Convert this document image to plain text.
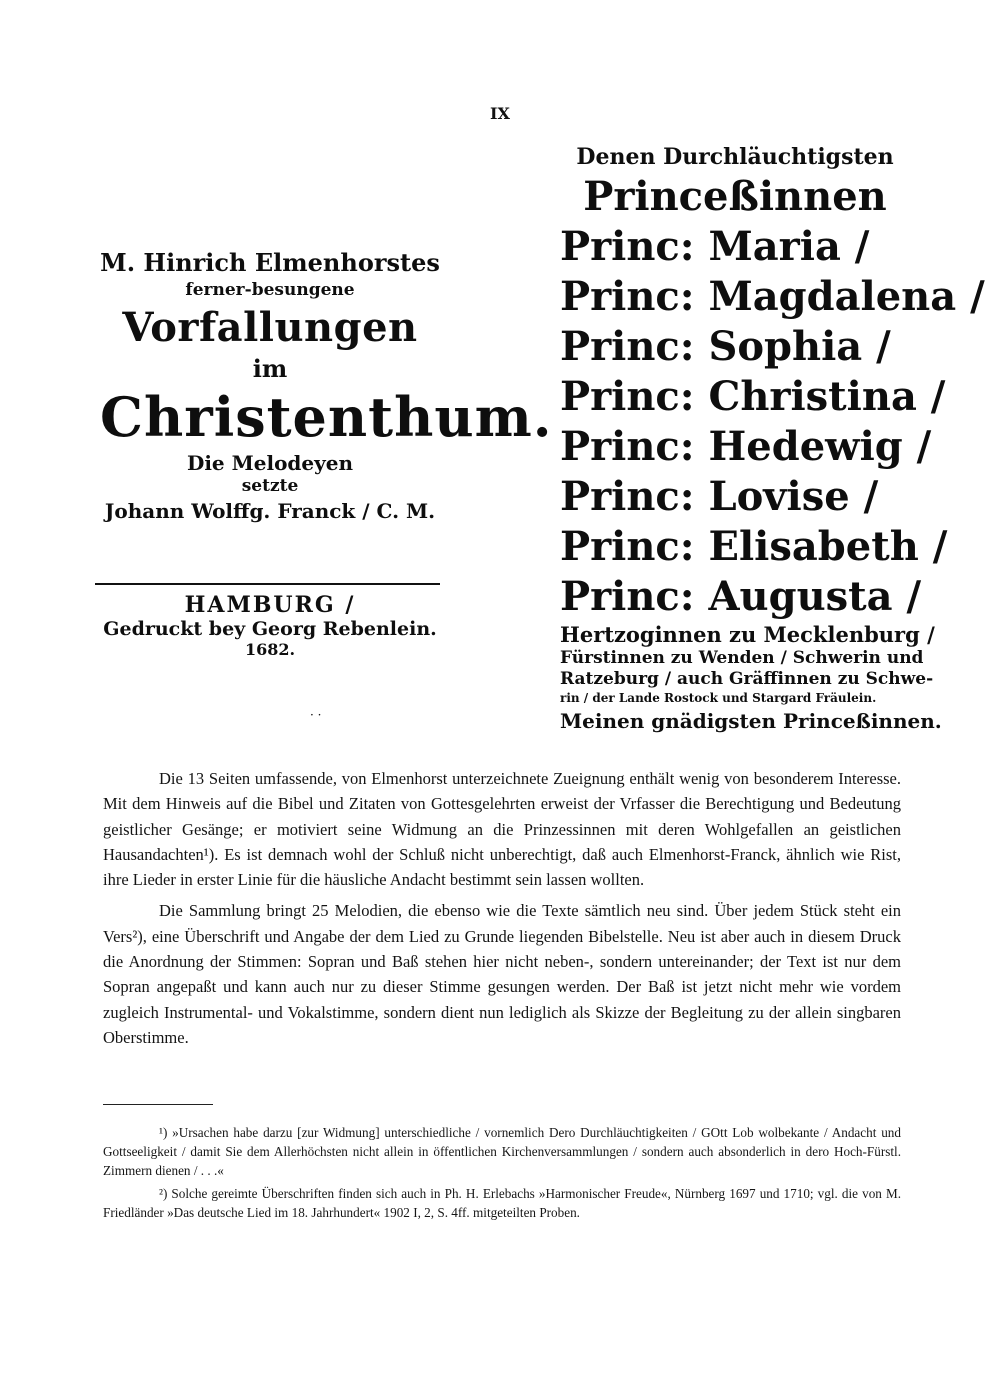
IX

M. Hinrich Elmenhorstes

ferner-besungene

Vorfallungen

im

Christenthum.

Die Melodeyen

setzte

Johann Wolffg. Franck / C. M.

HAMBURG /

Gedruckt bey Georg Rebenlein.

1682.

· ·

Denen Durchläuchtigsten

Princeßinnen

Princ: Maria /

Princ: Magdalena /

Princ: Sophia /

Princ: Christina /

Princ: Hedewig /

Princ: Lovise /

Princ: Elisabeth /

Princ: Augusta /

Hertzoginnen zu Mecklenburg /

Fürstinnen zu Wenden / Schwerin und

Ratzeburg / auch Gräffinnen zu Schwe-

rin / der Lande Rostock und Stargard Fräulein.

Meinen gnädigsten Princeßinnen.

Die 13 Seiten umfassende, von Elmenhorst unterzeichnete Zueignung enthält wenig von besonderem Interesse. Mit dem Hinweis auf die Bibel und Zitaten von Gottesgelehrten erweist der Vrfasser die Berechtigung und Bedeutung geistlicher Gesänge; er motiviert seine Widmung an die Prinzessinnen mit deren Wohlgefallen an geistlichen Hausandachten¹). Es ist demnach wohl der Schluß nicht unberechtigt, daß auch Elmenhorst-Franck, ähnlich wie Rist, ihre Lieder in erster Linie für die häusliche Andacht bestimmt sein lassen wollten.

Die Sammlung bringt 25 Melodien, die ebenso wie die Texte sämtlich neu sind. Über jedem Stück steht ein Vers²), eine Überschrift und Angabe der dem Lied zu Grunde liegenden Bibelstelle. Neu ist aber auch in diesem Druck die Anordnung der Stimmen: Sopran und Baß stehen hier nicht neben-, sondern untereinander; der Text ist nur dem Sopran angepaßt und kann auch nur zu dieser Stimme gesungen werden. Der Baß ist jetzt nicht mehr wie vordem zugleich Instrumental- und Vokalstimme, sondern dient nun lediglich als Skizze der Begleitung zu der allein singbaren Oberstimme.

¹) »Ursachen habe darzu [zur Widmung] unterschiedliche / vornemlich Dero Durchläuchtigkeiten / GOtt Lob wolbekante / Andacht und Gottseeligkeit / damit Sie dem Allerhöchsten nicht allein in öffentlichen Kirchenversammlungen / sondern auch absonderlich in dero Hoch-Fürstl. Zimmern dienen / . . .«

²) Solche gereimte Überschriften finden sich auch in Ph. H. Erlebachs »Harmonischer Freude«, Nürnberg 1697 und 1710; vgl. die von M. Friedländer »Das deutsche Lied im 18. Jahrhundert« 1902 I, 2, S. 4ff. mitgeteilten Proben.
